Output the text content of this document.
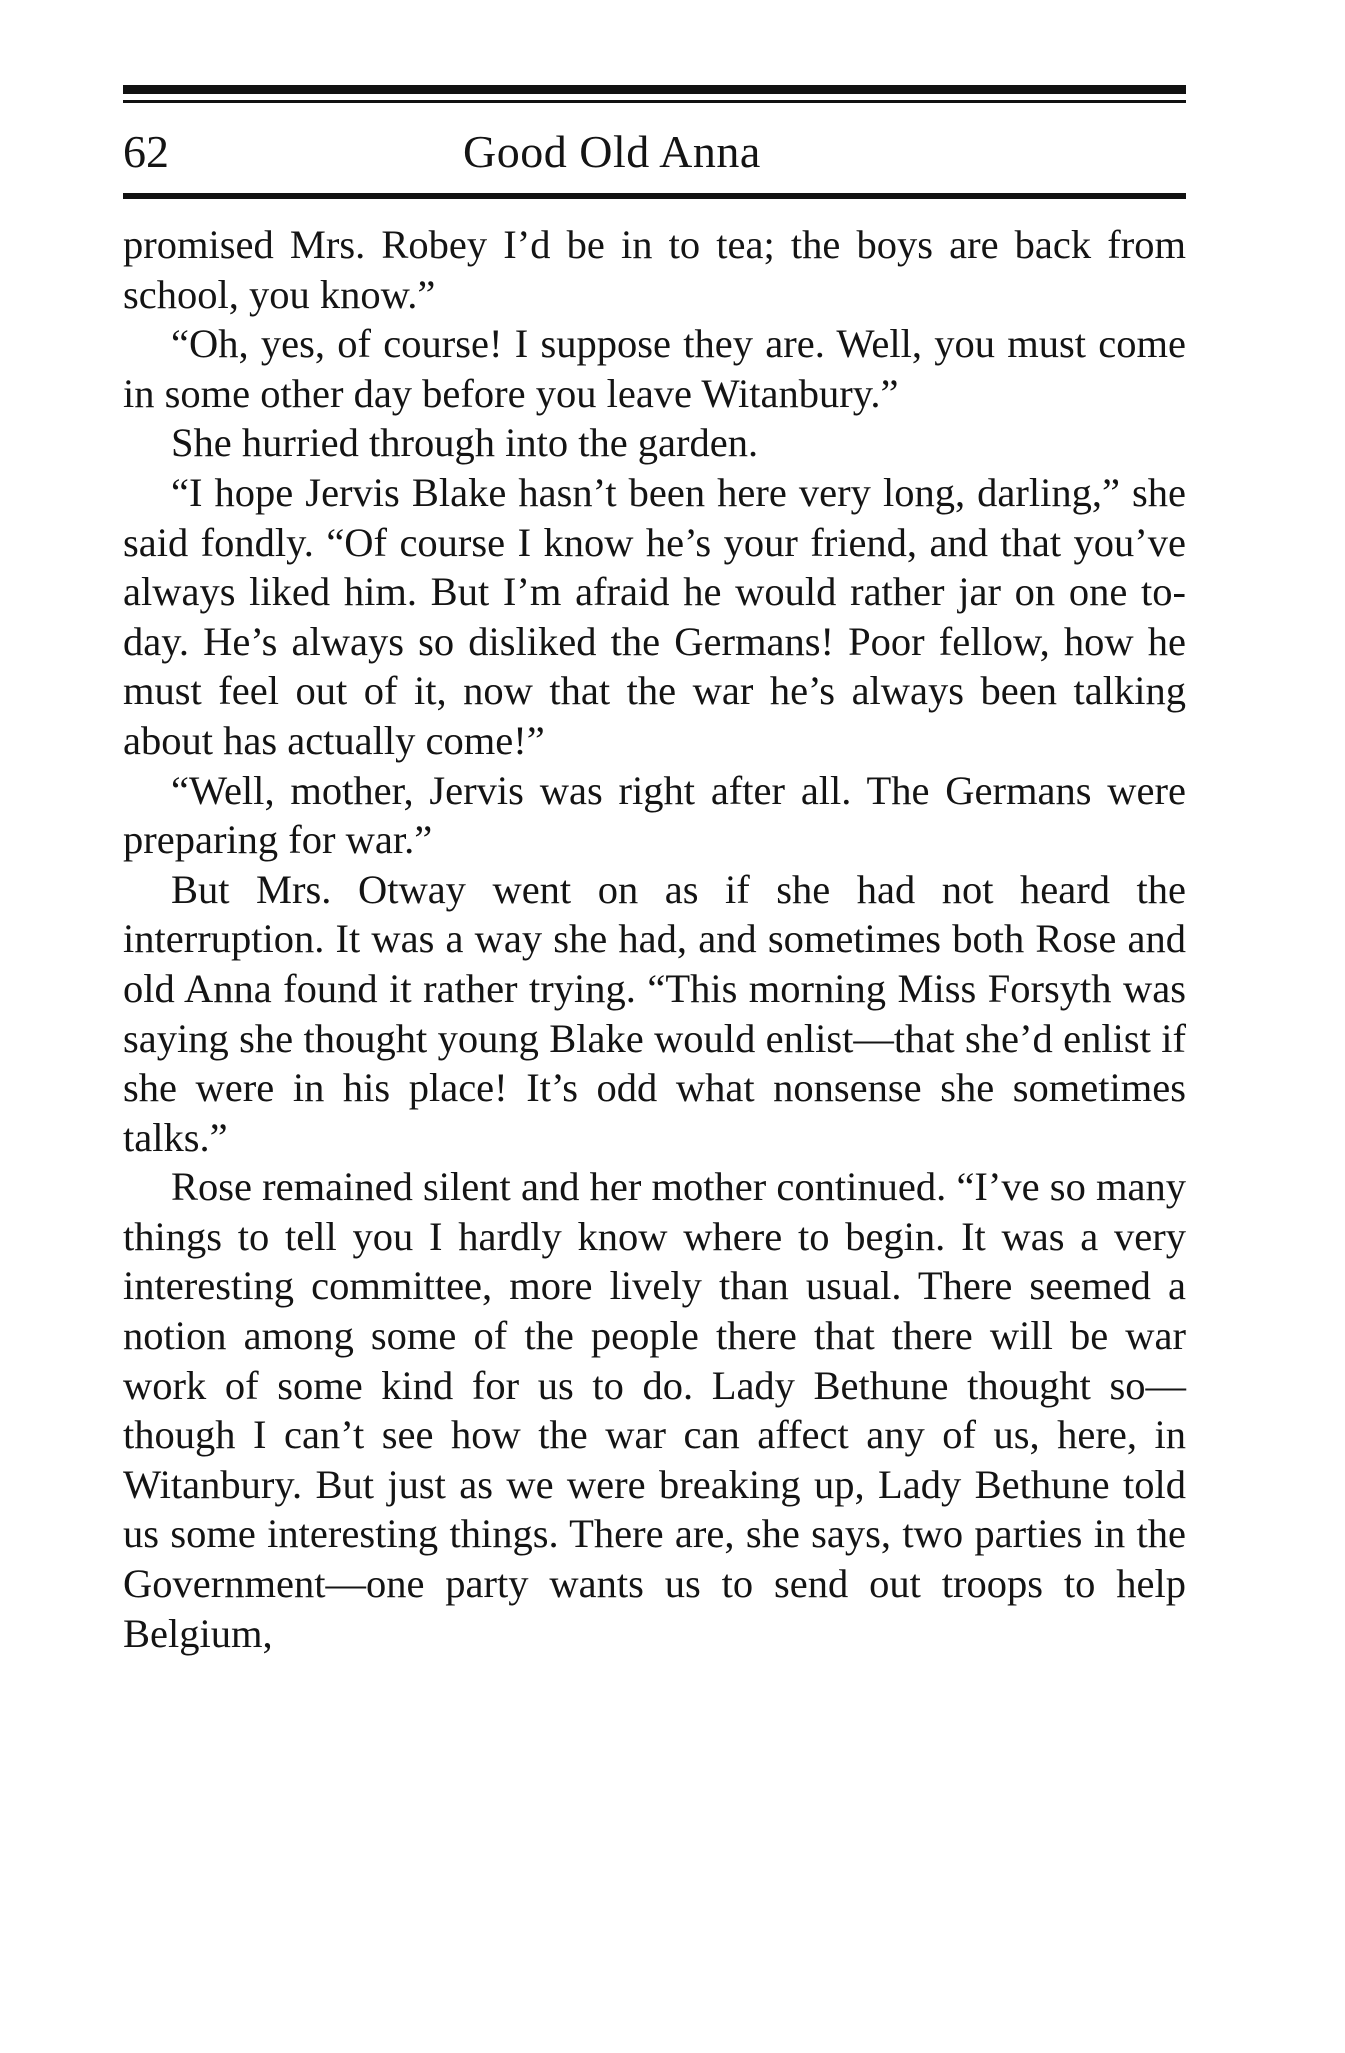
62	Good Old Anna

promised Mrs. Robey I’d be in to tea; the boys are back from school, you know.”

“Oh, yes, of course! I suppose they are. Well, you must come in some other day before you leave Witanbury.”

She hurried through into the garden.

“I hope Jervis Blake hasn’t been here very long, darling,” she said fondly. “Of course I know he’s your friend, and that you’ve always liked him. But I’m afraid he would rather jar on one to-day. He’s always so disliked the Germans! Poor fellow, how he must feel out of it, now that the war he’s always been talking about has actually come!”

“Well, mother, Jervis was right after all. The Germans were preparing for war.”

But Mrs. Otway went on as if she had not heard the interruption. It was a way she had, and sometimes both Rose and old Anna found it rather trying. “This morning Miss Forsyth was saying she thought young Blake would enlist—that she’d enlist if she were in his place! It’s odd what nonsense she sometimes talks.”

Rose remained silent and her mother continued. “I’ve so many things to tell you I hardly know where to begin. It was a very interesting committee, more lively than usual. There seemed a notion among some of the people there that there will be war work of some kind for us to do. Lady Bethune thought so—though I can’t see how the war can affect any of us, here, in Witanbury. But just as we were breaking up, Lady Bethune told us some interesting things. There are, she says, two parties in the Government—one party wants us to send out troops to help Belgium,
